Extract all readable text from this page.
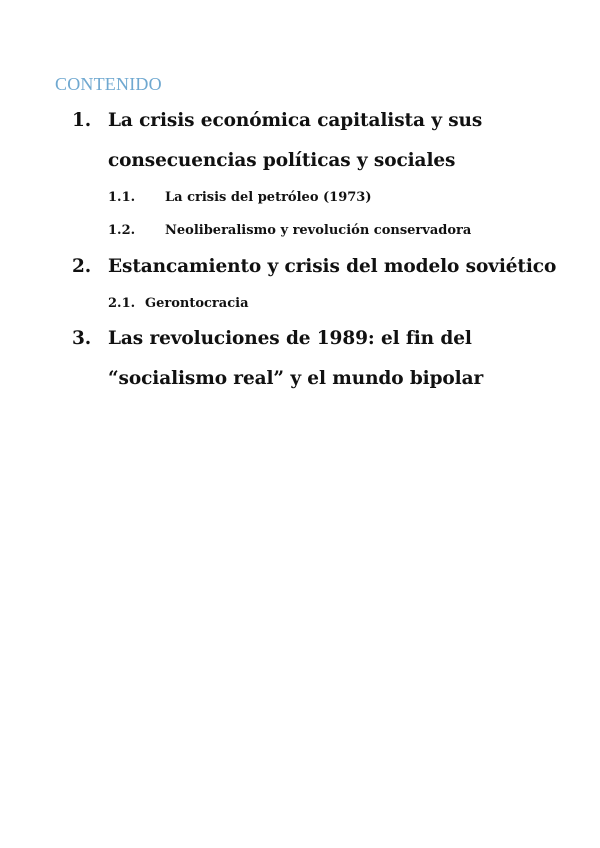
CONTENIDO
1. La crisis económica capitalista y sus
consecuencias políticas y sociales
1.1. La crisis del petróleo (1973)
1.2. Neoliberalismo y revolución conservadora
2. Estancamiento y crisis del modelo soviético
2.1. Gerontocracia
3. Las revoluciones de 1989: el fin del
“socialismo real” y el mundo bipolar
